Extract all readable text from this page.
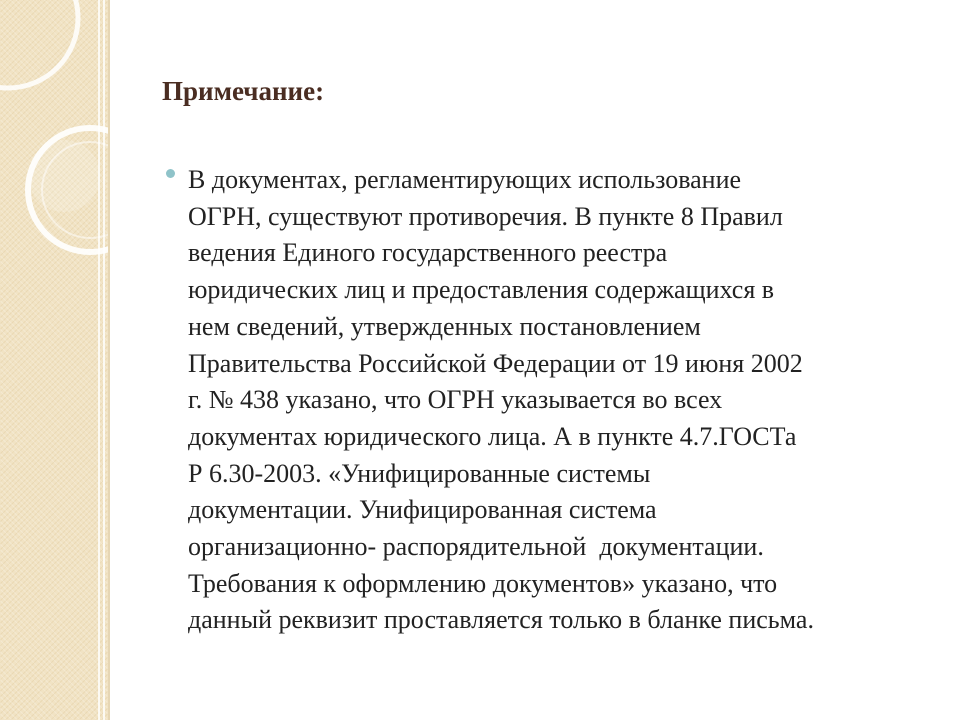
Примечание:

В документах, регламентирующих использование
ОГРН, существуют противоречия. В пункте 8 Правил
ведения Единого государственного реестра
юридических лиц и предоставления содержащихся в
нем сведений, утвержденных постановлением
Правительства Российской Федерации от 19 июня 2002
г. № 438 указано, что ОГРН указывается во всех
документах юридического лица. А в пункте 4.7.ГОСТа
Р 6.30-2003. «Унифицированные системы
документации. Унифицированная система
организационно- распорядительной  документации.
Требования к оформлению документов» указано, что
данный реквизит проставляется только в бланке письма.
